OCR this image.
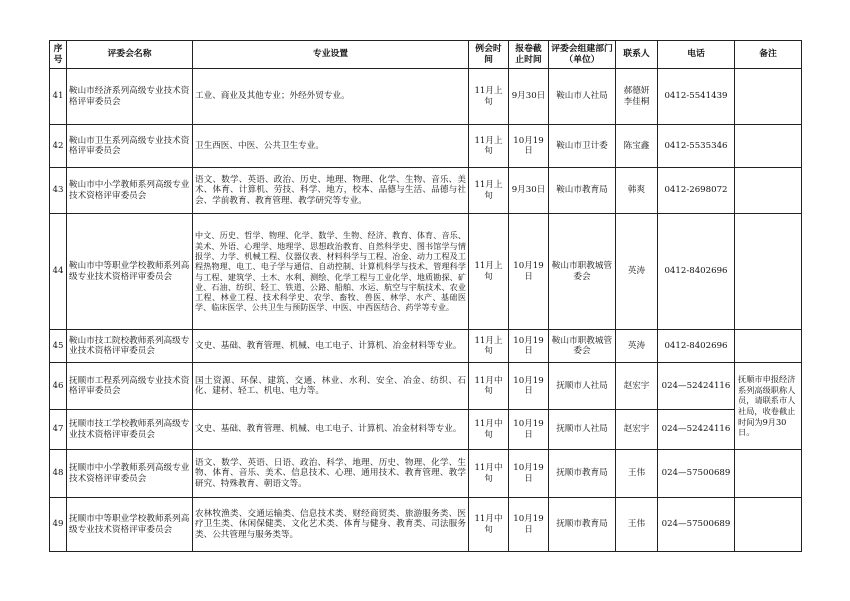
序号	评委会名称	专业设置	例会时间	报卷截止时间	评委会组建部门（单位）	联系人	电话	备注
41	鞍山市经济系列高级专业技术资格评审委员会	工业、商业及其他专业；外经外贸专业。	11月上旬	9月30日	鞍山市人社局	郝德妍 李佳桐	0412-5541439	
42	鞍山市卫生系列高级专业技术资格评审委员会	卫生西医、中医、公共卫生专业。	11月上旬	10月19日	鞍山市卫计委	陈宝鑫	0412-5535346	
43	鞍山市中小学教师系列高级专业技术资格评审委员会	语文、数学、英语、政治、历史、地理、物理、化学、生物、音乐、美术、体育、计算机、劳技、科学、地方，校本、品德与生活、品德与社会、学前教育、教育管理、教学研究等专业。	11月上旬	9月30日	鞍山市教育局	韩爽	0412-2698072	
44	鞍山市中等职业学校教师系列高级专业技术资格评审委员会	中文、历史、哲学、物理、化学、数学、生物、经济、教育、体育、音乐、美术、外语、心理学、地理学、思想政治教育、自然科学史、图书馆学与情报学、力学、机械工程、仪器仪表、材料科学与工程、冶金、动力工程及工程热物理、电工、电子学与通信、自动控制、计算机科学与技术、管理科学与工程、建筑学、土木、水利、测绘、化学工程与工业化学、地质勘探、矿业、石油、纺织、轻工、铁道、公路、船舶、水运、航空与宇航技术、农业工程、林业工程、技术科学史、农学、畜牧、兽医、林学、水产、基础医学、临床医学、公共卫生与预防医学、中医、中西医结合、药学等专业。	11月上旬	10月19日	鞍山市职教城管委会	英涛	0412-8402696	
45	鞍山市技工院校教师系列高级专业技术资格评审委员会	文史、基础、教育管理、机械、电工电子、计算机、冶金材料等专业。	11月上旬	10月19日	鞍山市职教城管委会	英涛	0412-8402696	
46	抚顺市工程系列高级专业技术资格评审委员会	国土资源、环保、建筑、交通、林业、水利、安全、冶金、纺织、石化、建材、轻工、机电、电力等。	11月中旬	10月19日	抚顺市人社局	赵宏宇	024—52424116	抚顺市申报经济系列高级职称人员，请联系市人社局，收卷截止时间为9月30日。
47	抚顺市技工学校教师系列高级专业技术资格评审委员会	文史、基础、教育管理、机械、电工电子、计算机、冶金材料等专业。	11月中旬	10月19日	抚顺市人社局	赵宏宇	024—52424116	
48	抚顺市中小学教师系列高级专业技术资格评审委员会	语文、数学、英语、日语、政治、科学、地理、历史、物理、化学、生物、体育、音乐、美术、信息技术、心理、通用技术、教育管理、教学研究、特殊教育、朝语文等。	11月中旬	10月19日	抚顺市教育局	王伟	024—57500689	
49	抚顺市中等职业学校教师系列高级专业技术资格评审委员会	农林牧渔类、交通运输类、信息技术类、财经商贸类、旅游服务类、医疗卫生类、休闲保健类、文化艺术类、体育与健身、教育类、司法服务类、公共管理与服务类等。	11月中旬	10月19日	抚顺市教育局	王伟	024—57500689	
